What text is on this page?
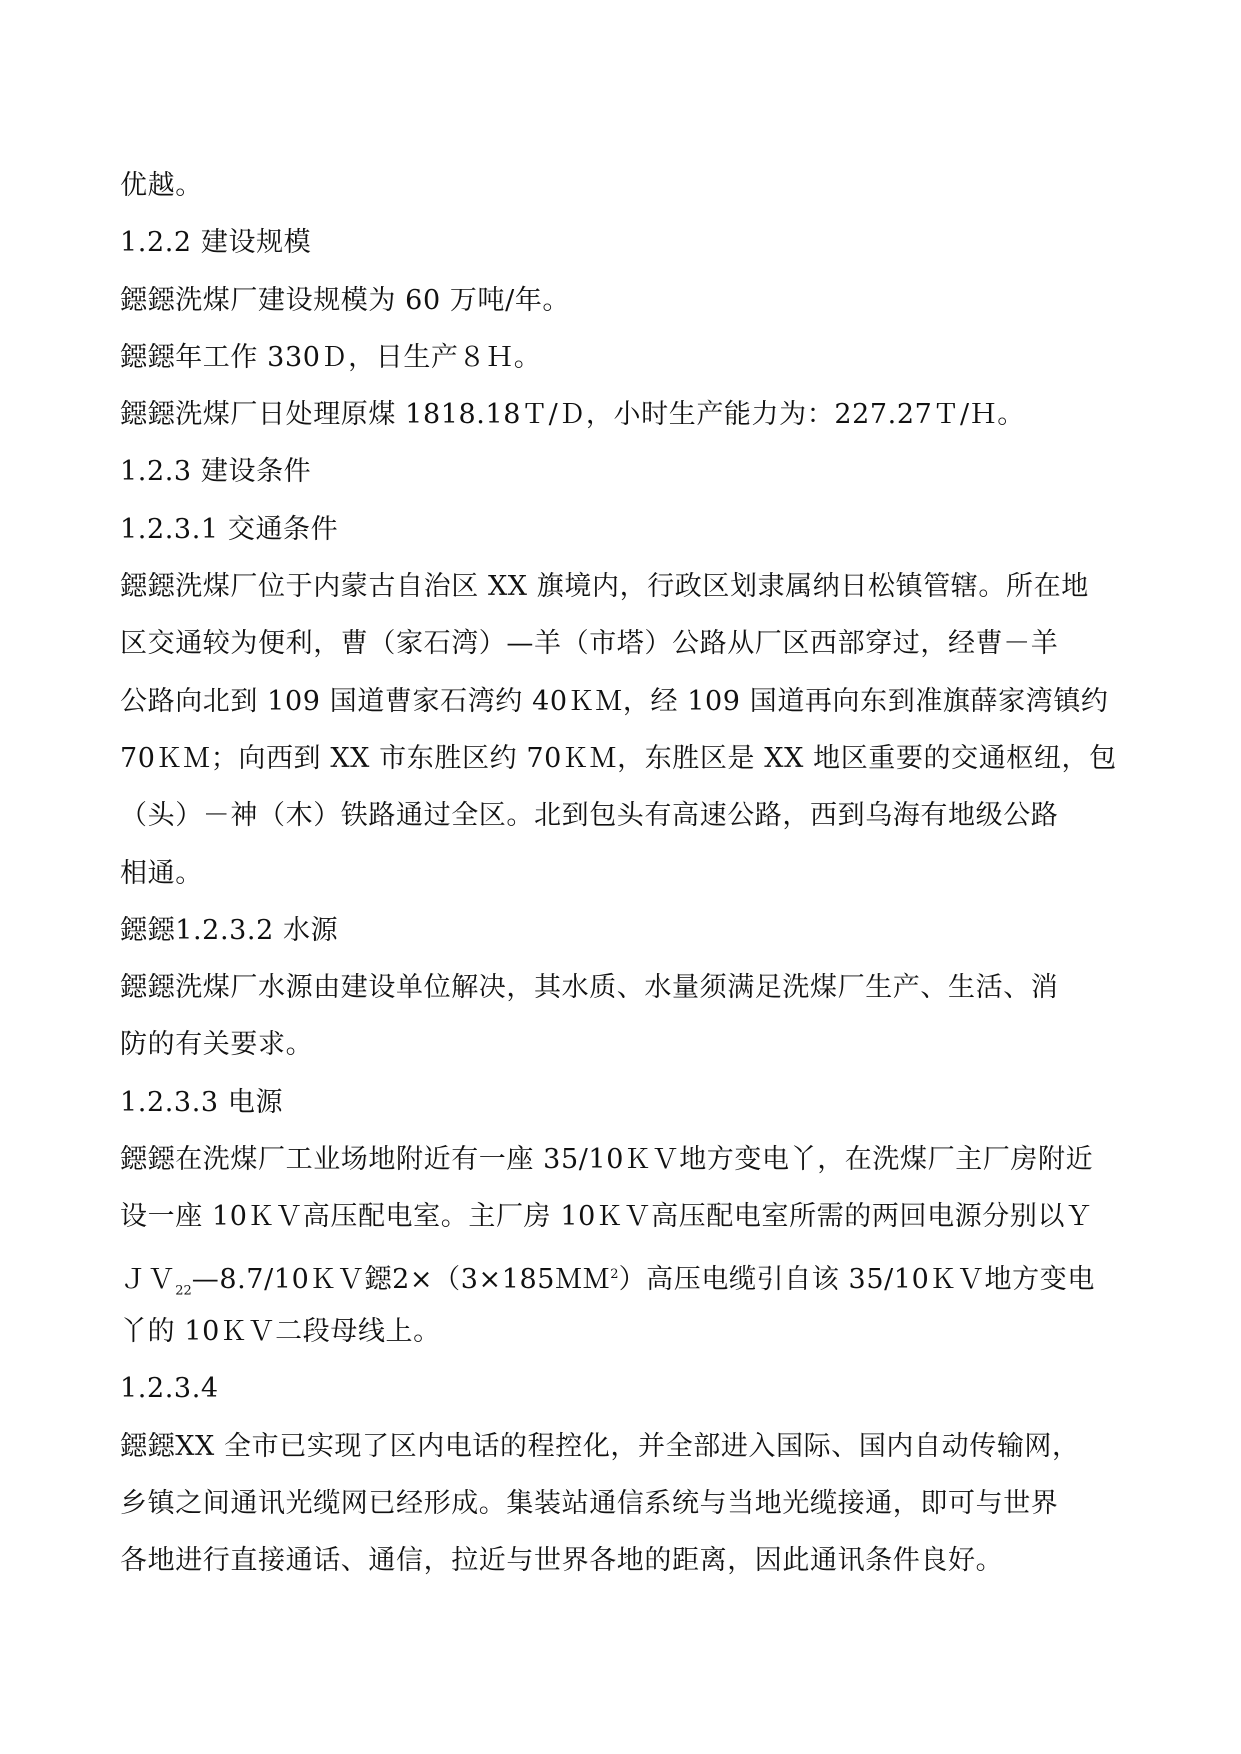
优越。
1.2.2 建设规模
鐚鐚洗煤厂建设规模为 60 万吨/年。
鐚鐚年工作 330Ｄ，日生产８Ｈ。
鐚鐚洗煤厂日处理原煤 1818.18Ｔ/Ｄ，小时生产能力为：227.27Ｔ/Ｈ。
1.2.3 建设条件
1.2.3.1 交通条件
鐚鐚洗煤厂位于内蒙古自治区 XX 旗境内，行政区划隶属纳日松镇管辖。所在地
区交通较为便利，曹（家石湾）—羊（市塔）公路从厂区西部穿过，经曹－羊
公路向北到 109 国道曹家石湾约 40ＫＭ，经 109 国道再向东到准旗薛家湾镇约
70ＫＭ；向西到 XX 市东胜区约 70ＫＭ，东胜区是 XX 地区重要的交通枢纽，包
（头）－神（木）铁路通过全区。北到包头有高速公路，西到乌海有地级公路
相通。
鐚鐚1.2.3.2 水源
鐚鐚洗煤厂水源由建设单位解决，其水质、水量须满足洗煤厂生产、生活、消
防的有关要求。
1.2.3.3 电源
鐚鐚在洗煤厂工业场地附近有一座 35/10ＫＶ地方变电丫，在洗煤厂主厂房附近
设一座 10ＫＶ高压配电室。主厂房 10ＫＶ高压配电室所需的两回电源分别以Ｙ
ＪＶ$_{22}$—8.7/10ＫＶ鐚2×（3×185ＭＭ$^2$）高压电缆引自该 35/10ＫＶ地方变电
丫的 10ＫＶ二段母线上。
1.2.3.4
鐚鐚XX 全市已实现了区内电话的程控化，并全部进入国际、国内自动传输网，
乡镇之间通讯光缆网已经形成。集装站通信系统与当地光缆接通，即可与世界
各地进行直接通话、通信，拉近与世界各地的距离，因此通讯条件良好。
